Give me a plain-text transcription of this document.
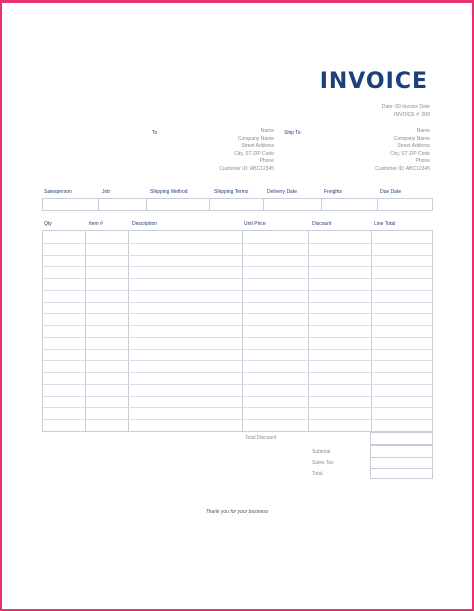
INVOICE
Date: 00 Invoice Date
INVOICE #: 000
To	Name
Company Name
Street Address
City, ST ZIP Code
Phone
Customer ID: ABC12345
Ship To	Name
Company Name
Street Address
City, ST ZIP Code
Phone
Customer ID: ABC12345
Salesperson	Job	Shipping Method	Shipping Terms	Delivery Date	Freights	Due Date
Qty	Item #	Description	Unit Price	Discount	Line Total
Total Discount
Subtotal
Sales Tax
Total
Thank you for your business
